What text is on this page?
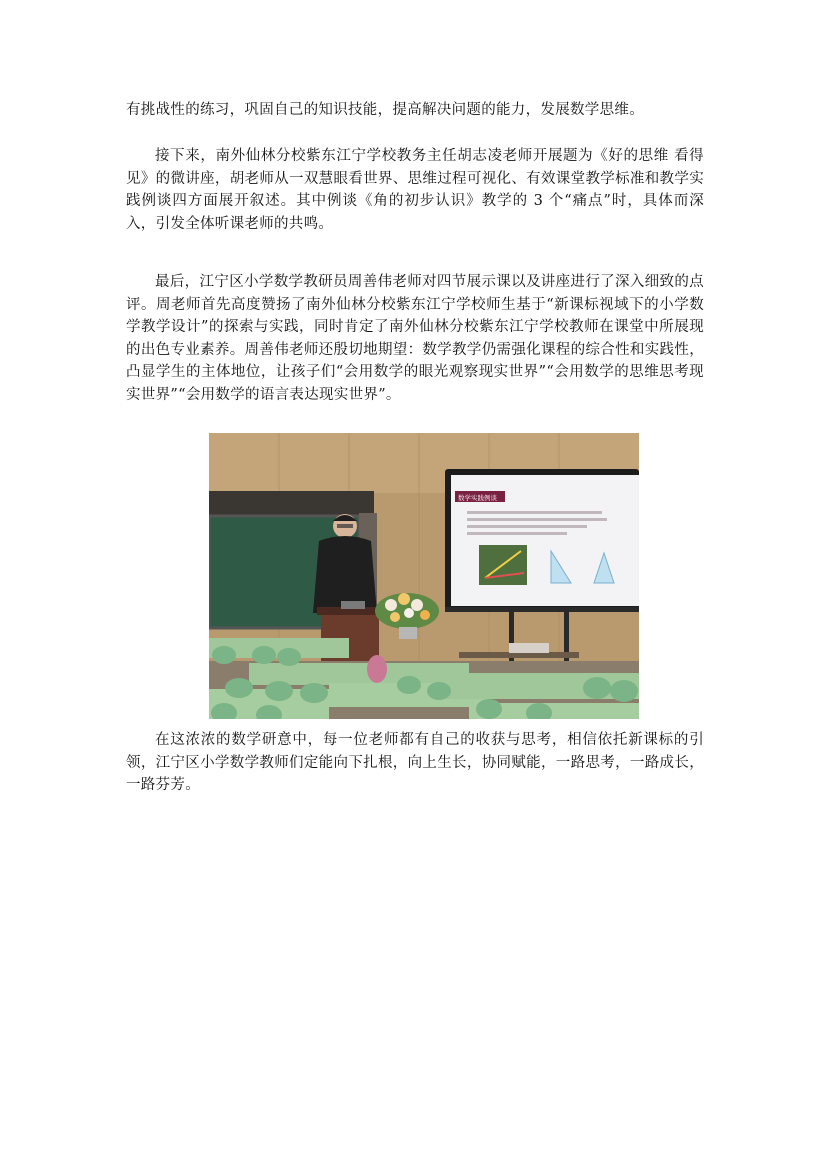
有挑战性的练习，巩固自己的知识技能，提高解决问题的能力，发展数学思维。
接下来，南外仙林分校紫东江宁学校教务主任胡志凌老师开展题为《好的思维 看得见》的微讲座，胡老师从一双慧眼看世界、思维过程可视化、有效课堂教学标准和教学实践例谈四方面展开叙述。其中例谈《角的初步认识》教学的 3 个“痛点”时，具体而深入，引发全体听课老师的共鸣。
最后，江宁区小学数学教研员周善伟老师对四节展示课以及讲座进行了深入细致的点评。周老师首先高度赞扬了南外仙林分校紫东江宁学校师生基于“新课标视域下的小学数学教学设计”的探索与实践，同时肯定了南外仙林分校紫东江宁学校教师在课堂中所展现的出色专业素养。周善伟老师还殷切地期望：数学教学仍需强化课程的综合性和实践性，凸显学生的主体地位，让孩子们“会用数学的眼光观察现实世界”“会用数学的思维思考现实世界”“会用数学的语言表达现实世界”。
数学实践例谈
在这浓浓的数学研意中，每一位老师都有自己的收获与思考，相信依托新课标的引领，江宁区小学数学教师们定能向下扎根，向上生长，协同赋能，一路思考，一路成长，一路芬芳。
